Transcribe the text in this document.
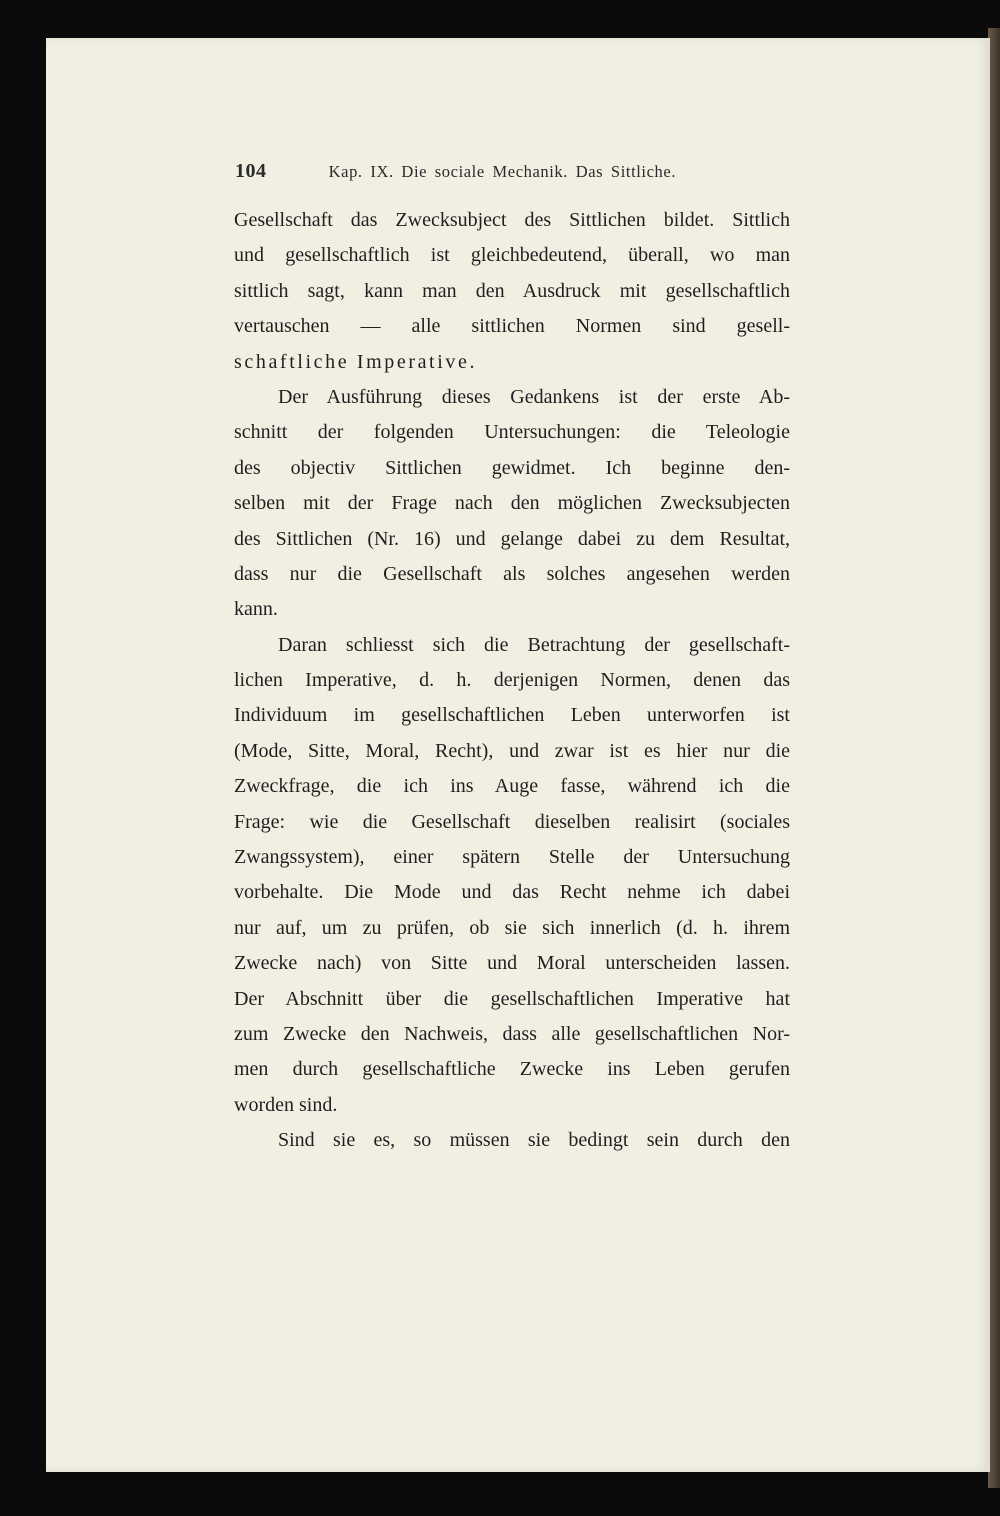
104	Kap. IX. Die sociale Mechanik. Das Sittliche.
Gesellschaft das Zwecksubject des Sittlichen bildet. Sittlich
und gesellschaftlich ist gleichbedeutend, überall, wo man
sittlich sagt, kann man den Ausdruck mit gesellschaftlich
vertauschen — alle sittlichen Normen sind gesell-
schaftliche Imperative.
Der Ausführung dieses Gedankens ist der erste Ab-
schnitt der folgenden Untersuchungen: die Teleologie
des objectiv Sittlichen gewidmet. Ich beginne den-
selben mit der Frage nach den möglichen Zwecksubjecten
des Sittlichen (Nr. 16) und gelange dabei zu dem Resultat,
dass nur die Gesellschaft als solches angesehen werden
kann.
Daran schliesst sich die Betrachtung der gesellschaft-
lichen Imperative, d. h. derjenigen Normen, denen das
Individuum im gesellschaftlichen Leben unterworfen ist
(Mode, Sitte, Moral, Recht), und zwar ist es hier nur die
Zweckfrage, die ich ins Auge fasse, während ich die
Frage: wie die Gesellschaft dieselben realisirt (sociales
Zwangssystem), einer spätern Stelle der Untersuchung
vorbehalte. Die Mode und das Recht nehme ich dabei
nur auf, um zu prüfen, ob sie sich innerlich (d. h. ihrem
Zwecke nach) von Sitte und Moral unterscheiden lassen.
Der Abschnitt über die gesellschaftlichen Imperative hat
zum Zwecke den Nachweis, dass alle gesellschaftlichen Nor-
men durch gesellschaftliche Zwecke ins Leben gerufen
worden sind.
Sind sie es, so müssen sie bedingt sein durch den
